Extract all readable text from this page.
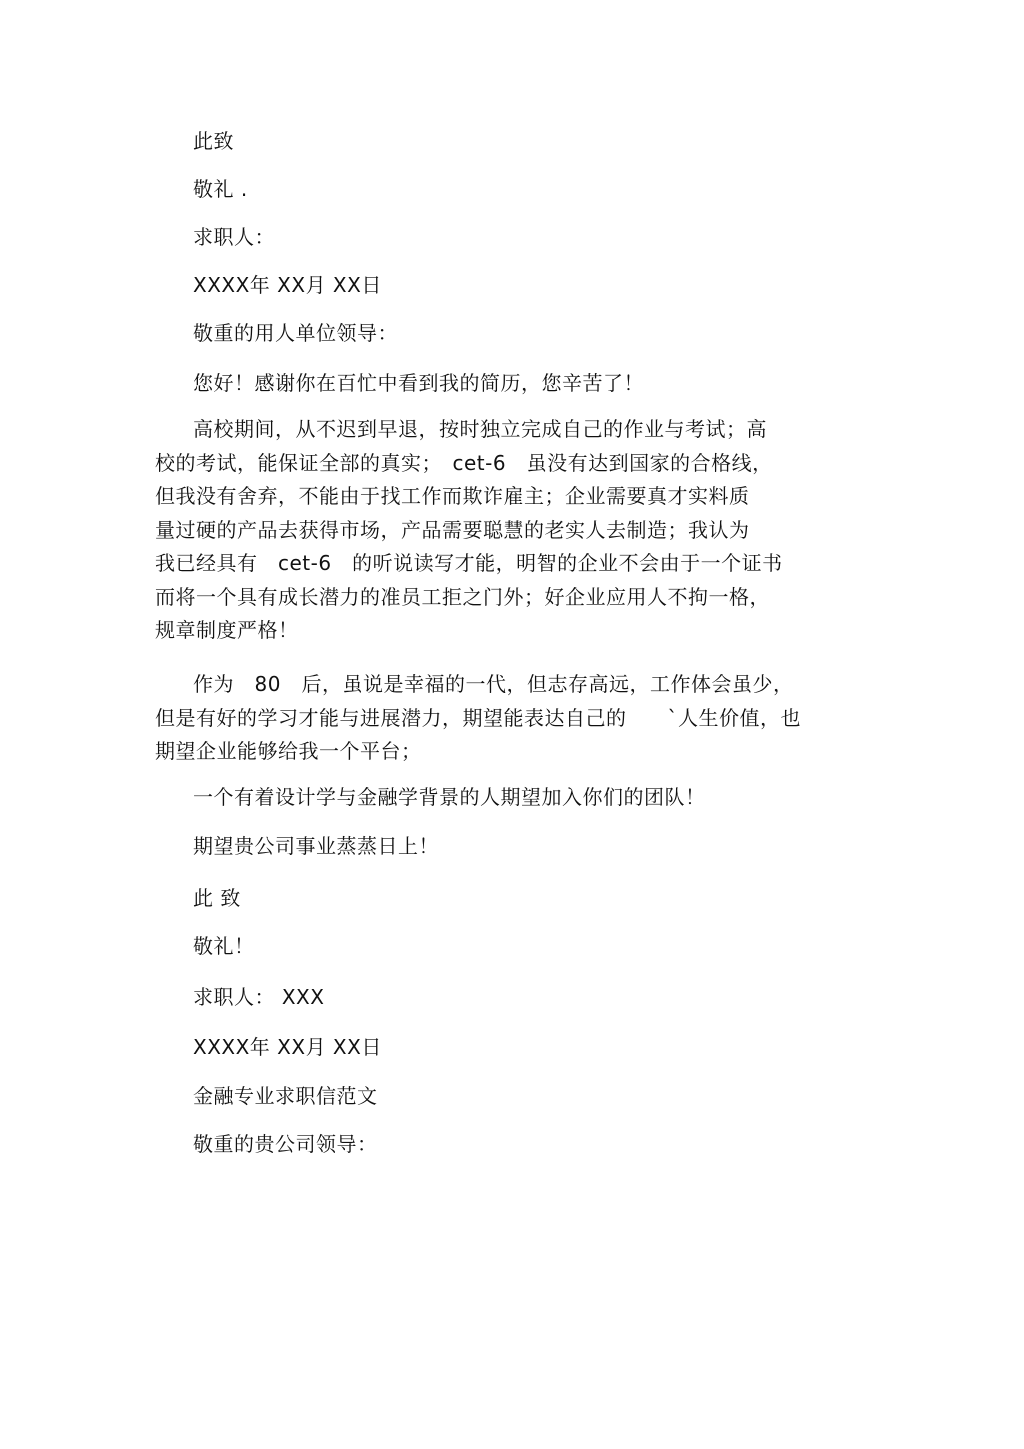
此致
敬礼 .
求职人：
XXXX年 XX月 XX日
敬重的用人单位领导：
您好！感谢你在百忙中看到我的简历，您辛苦了！
高校期间，从不迟到早退，按时独立完成自己的作业与考试；高
校的考试，能保证全部的真实；　cet-6　虽没有达到国家的合格线，
但我没有舍弃，不能由于找工作而欺诈雇主；企业需要真才实料质
量过硬的产品去获得市场，产品需要聪慧的老实人去制造；我认为
我已经具有　cet-6　的听说读写才能，明智的企业不会由于一个证书
而将一个具有成长潜力的准员工拒之门外；好企业应用人不拘一格，
规章制度严格！
作为　80　后，虽说是幸福的一代，但志存高远，工作体会虽少，
但是有好的学习才能与进展潜力，期望能表达自己的　　`人生价值，也
期望企业能够给我一个平台；
一个有着设计学与金融学背景的人期望加入你们的团队！
期望贵公司事业蒸蒸日上！
此 致
敬礼！
求职人： XXX
XXXX年 XX月 XX日
金融专业求职信范文
敬重的贵公司领导：
